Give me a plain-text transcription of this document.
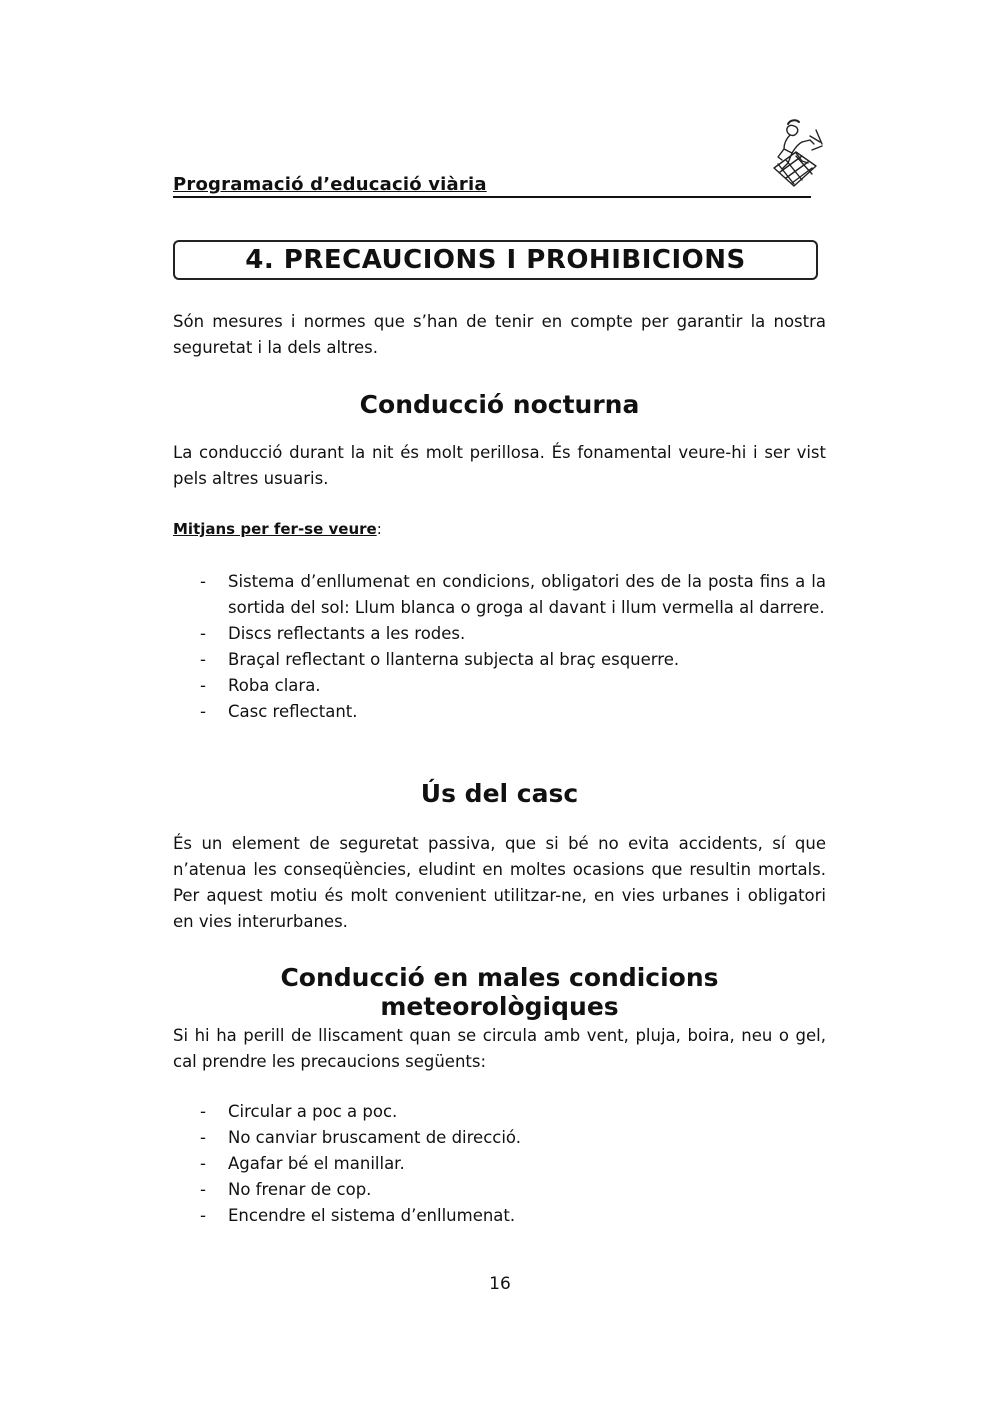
Programació d’educació viària
4. PRECAUCIONS I PROHIBICIONS

Són mesures i normes que s’han de tenir en compte per garantir la nostra seguretat i la dels altres.

Conducció nocturna

La conducció durant la nit és molt perillosa. És fonamental veure-hi i ser vist pels altres usuaris.

Mitjans per fer-se veure:
- Sistema d’enllumenat en condicions, obligatori des de la posta fins a la sortida del sol: Llum blanca o groga al davant i llum vermella al darrere.
- Discs reflectants a les rodes.
- Braçal reflectant o llanterna subjecta al braç esquerre.
- Roba clara.
- Casc reflectant.
Ús del casc

És un element de seguretat passiva, que si bé no evita accidents, sí que n’atenua les conseqüències, eludint en moltes ocasions que resultin mortals. Per aquest motiu és molt convenient utilitzar-ne, en vies urbanes i obligatori en vies interurbanes.

Conducció en males condicions meteorològiques

Si hi ha perill de lliscament quan se circula amb vent, pluja, boira, neu o gel, cal prendre les precaucions següents:

- Circular a poc a poc.
- No canviar bruscament de direcció.
- Agafar bé el manillar.
- No frenar de cop.
- Encendre el sistema d’enllumenat.
16
